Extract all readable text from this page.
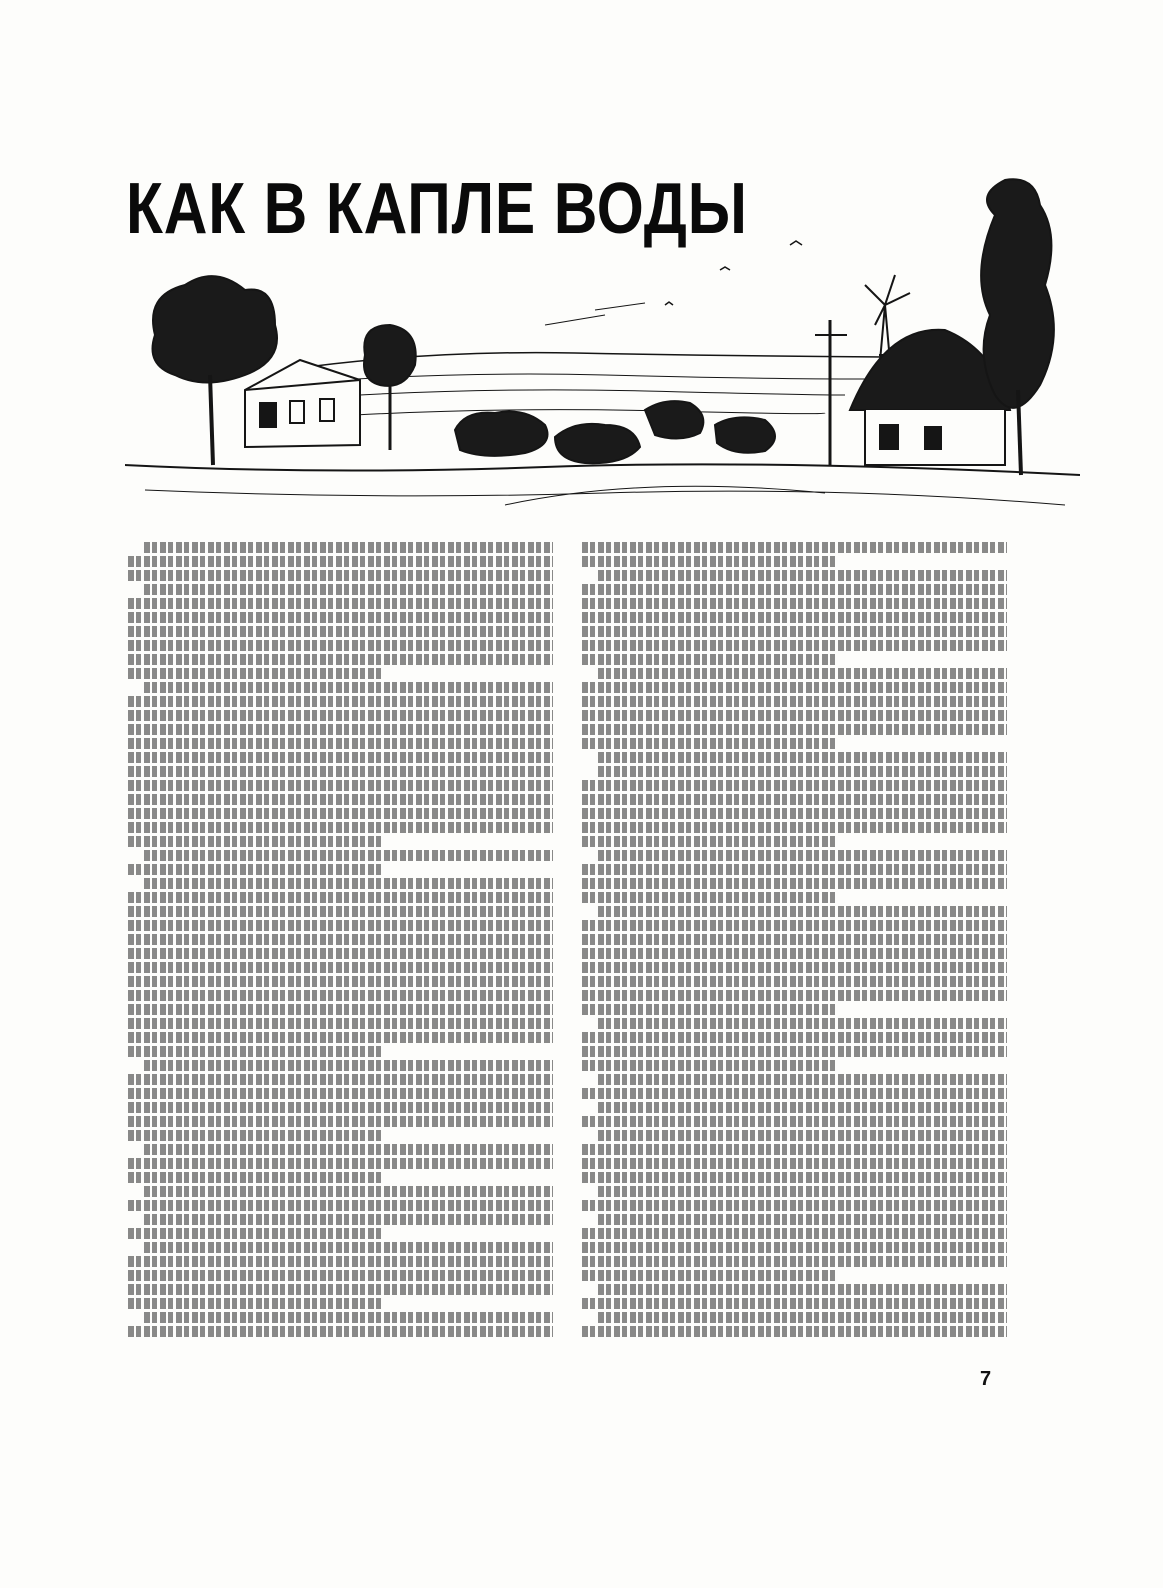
КАК В КАПЛЕ ВОДЫ
7
